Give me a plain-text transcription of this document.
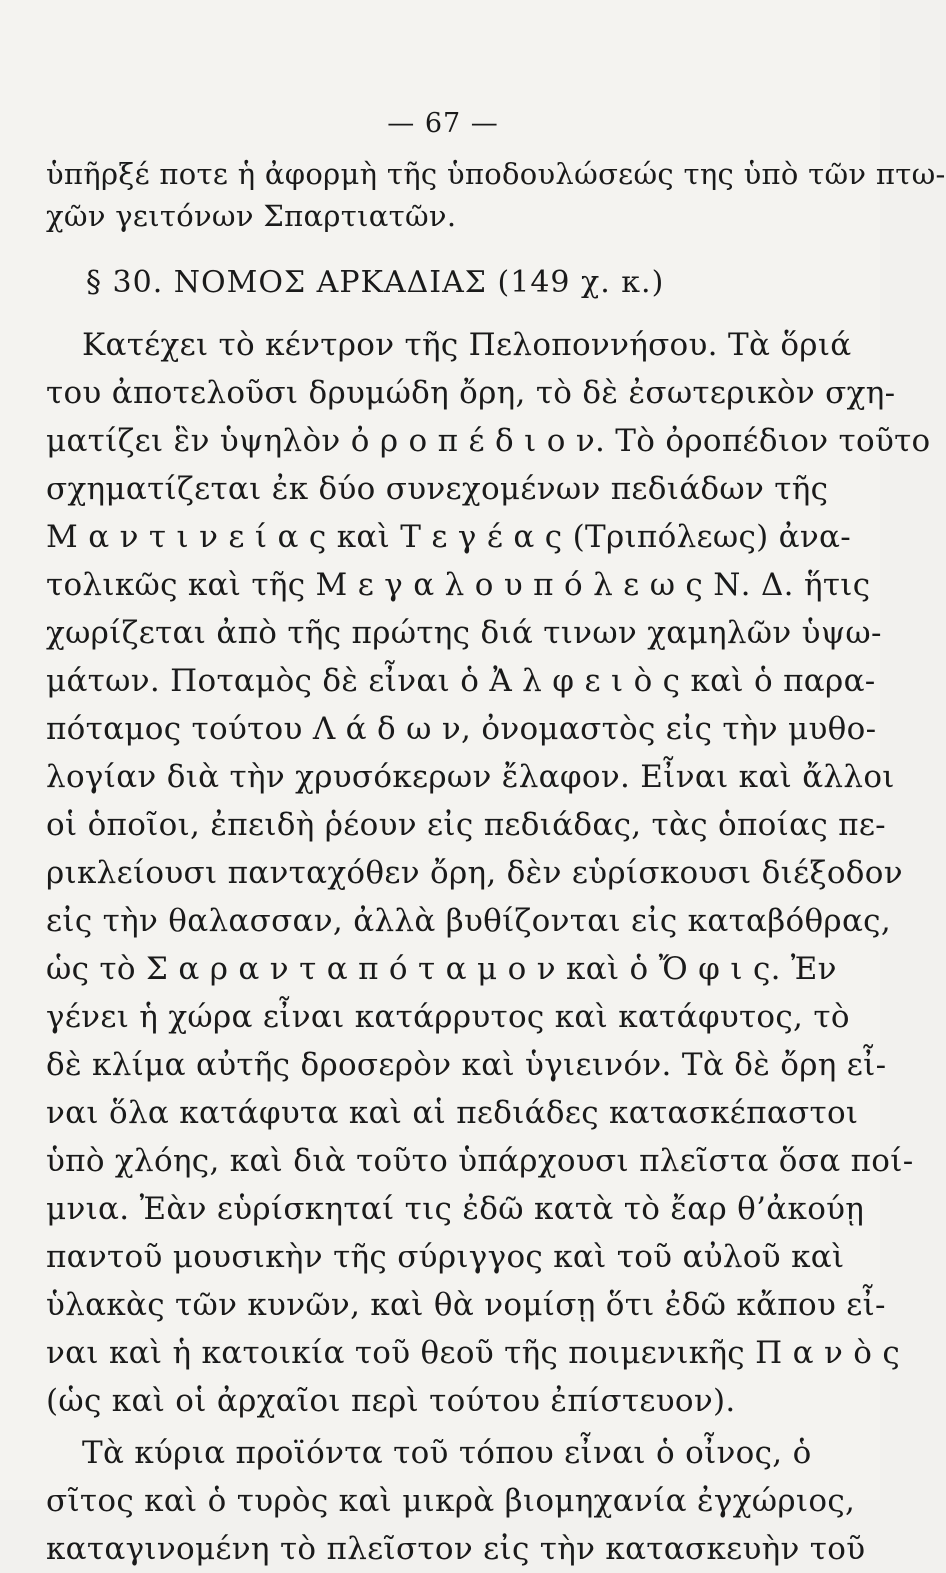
— 67 —
ὑπῆρξέ ποτε ἡ ἀφορμὴ τῆς ὑποδουλώσεώς της ὑπὸ τῶν πτω-
χῶν γειτόνων Σπαρτιατῶν.
§ 30. ΝΟΜΟΣ ΑΡΚΑΔΙΑΣ (149 χ. κ.)
Κατέχει τὸ κέντρον τῆς Πελοποννήσου. Τὰ ὅριά
του ἀποτελοῦσι δρυμώδη ὄρη, τὸ δὲ ἐσωτερικὸν σχη-
ματίζει ἓν ὑψηλὸν ὀ ρ ο π έ δ ι ο ν. Τὸ ὀροπέδιον τοῦτο
σχηματίζεται ἐκ δύο συνεχομένων πεδιάδων τῆς
Μ α ν τ ι ν ε ί α ς καὶ Τ ε γ έ α ς (Τριπόλεως) ἀνα-
τολικῶς καὶ τῆς Μ ε γ α λ ο υ π ό λ ε ω ς Ν. Δ. ἥτις
χωρίζεται ἀπὸ τῆς πρώτης διά τινων χαμηλῶν ὑψω-
μάτων. Ποταμὸς δὲ εἶναι ὁ Ἀ λ φ ε ι ὸ ς καὶ ὁ παρα-
πόταμος τούτου Λ ά δ ω ν, ὀνομαστὸς εἰς τὴν μυθο-
λογίαν διὰ τὴν χρυσόκερων ἔλαφον. Εἶναι καὶ ἄλλοι
οἱ ὁποῖοι, ἐπειδὴ ῥέουν εἰς πεδιάδας, τὰς ὁποίας πε-
ρικλείουσι πανταχόθεν ὄρη, δὲν εὑρίσκουσι διέξοδον
εἰς τὴν θαλασσαν, ἀλλὰ βυθίζονται εἰς καταβόθρας,
ὡς τὸ Σ α ρ α ν τ α π ό τ α μ ο ν καὶ ὁ Ὄ φ ι ς. Ἐν
γένει ἡ χώρα εἶναι κατάρρυτος καὶ κατάφυτος, τὸ
δὲ κλίμα αὐτῆς δροσερὸν καὶ ὑγιεινόν. Τὰ δὲ ὄρη εἶ-
ναι ὅλα κατάφυτα καὶ αἱ πεδιάδες κατασκέπαστοι
ὑπὸ χλόης, καὶ διὰ τοῦτο ὑπάρχουσι πλεῖστα ὅσα ποί-
μνια. Ἐὰν εὑρίσκηταί τις ἐδῶ κατὰ τὸ ἔαρ θ’ἀκούῃ
παντοῦ μουσικὴν τῆς σύριγγος καὶ τοῦ αὐλοῦ καὶ
ὑλακὰς τῶν κυνῶν, καὶ θὰ νομίσῃ ὅτι ἐδῶ κἄπου εἶ-
ναι καὶ ἡ κατοικία τοῦ θεοῦ τῆς ποιμενικῆς Π α ν ὸ ς
(ὡς καὶ οἱ ἀρχαῖοι περὶ τούτου ἐπίστευον).
Τὰ κύρια προϊόντα τοῦ τόπου εἶναι ὁ οἶνος, ὁ
σῖτος καὶ ὁ τυρὸς καὶ μικρὰ βιομηχανία ἐγχώριος,
καταγινομένη τὸ πλεῖστον εἰς τὴν κατασκευὴν τοῦ
